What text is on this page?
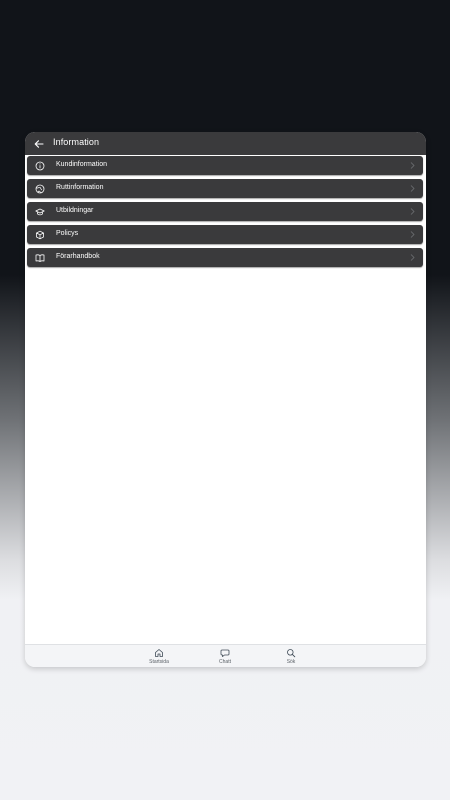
Information
Kundinformation
Ruttinformation
Utbildningar
Policys
Förarhandbok
Startsida	Chatt	Sök
